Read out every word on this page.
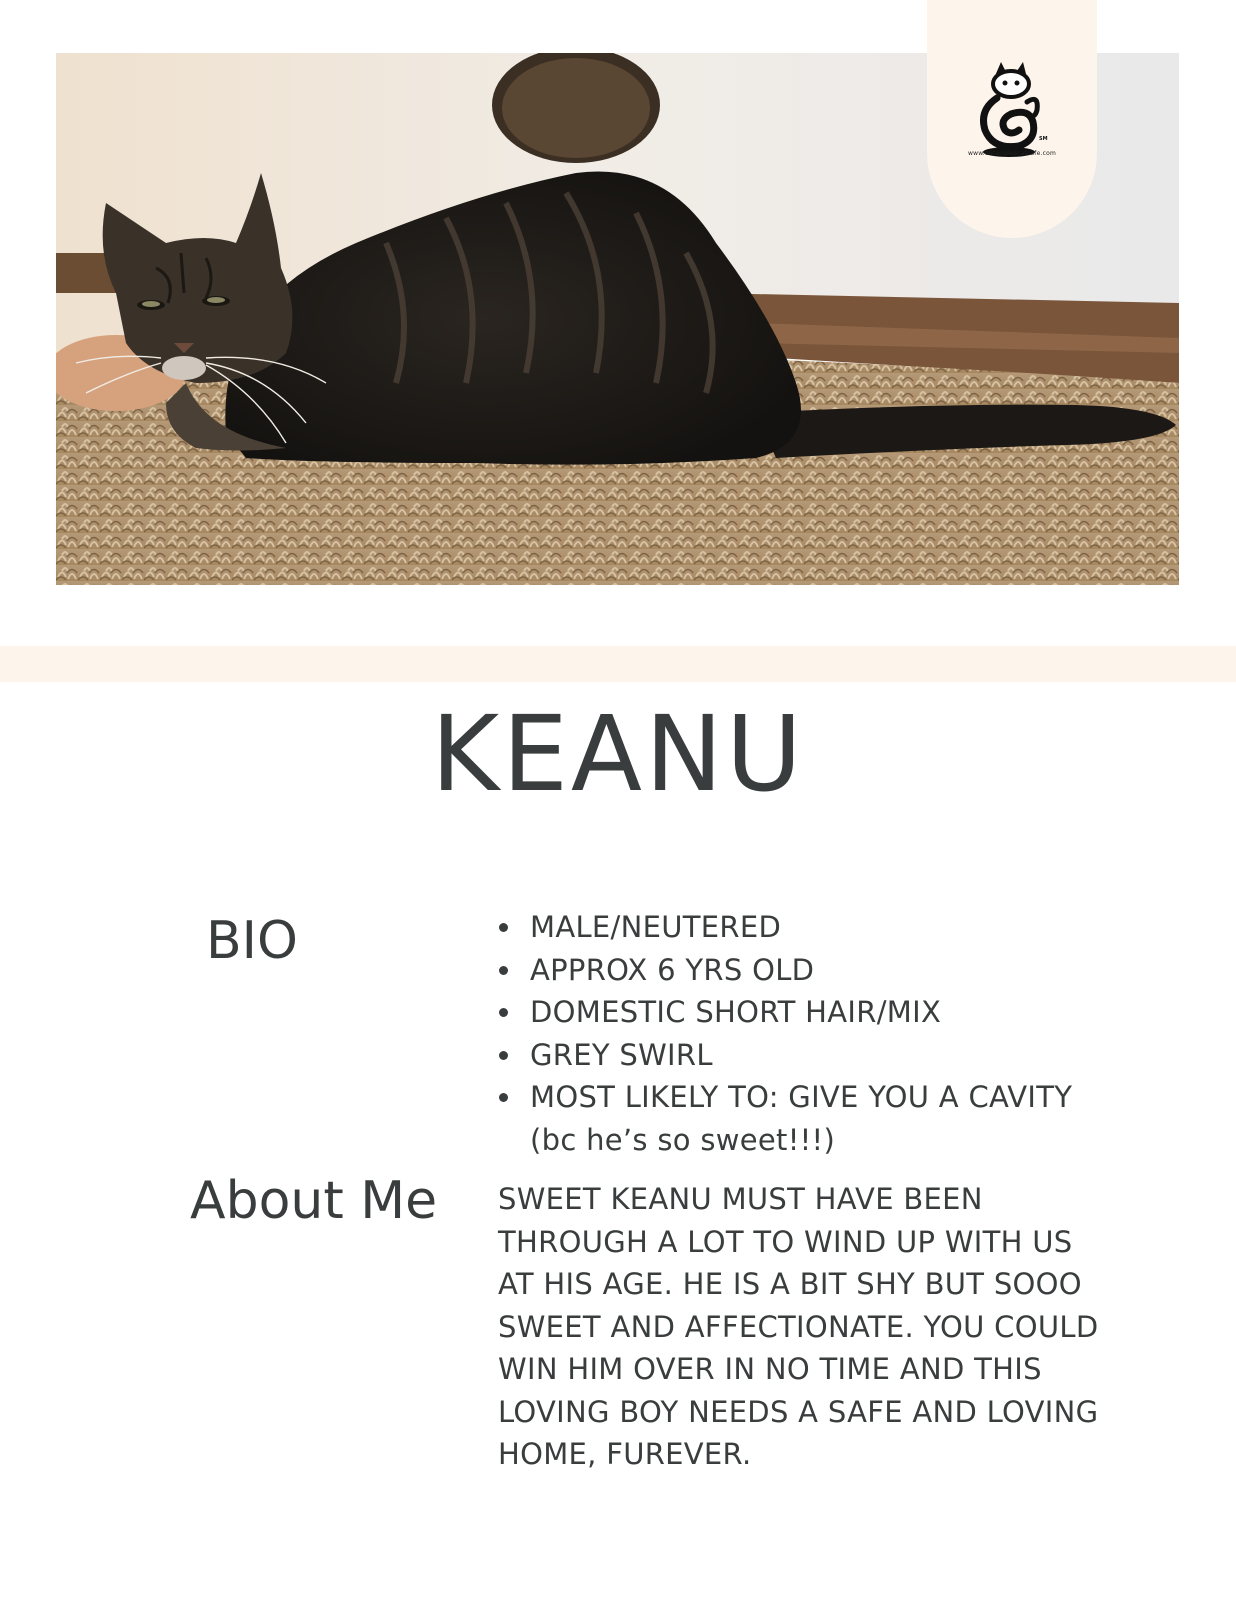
SM
www.entangledcatcafe.com
KEANU
BIO
•	MALE/NEUTERED
• APPROX 6 YRS OLD
• DOMESTIC SHORT HAIR/MIX
• GREY SWIRL
• MOST LIKELY TO: GIVE YOU A CAVITY
(bc he’s so sweet!!!)
About Me SWEET KEANU MUST HAVE BEEN THROUGH A LOT TO WIND UP WITH US AT HIS AGE. HE IS A BIT SHY BUT SOOO SWEET AND AFFECTIONATE. YOU COULD WIN HIM OVER IN NO TIME AND THIS LOVING BOY NEEDS A SAFE AND LOVING HOME, FUREVER.
